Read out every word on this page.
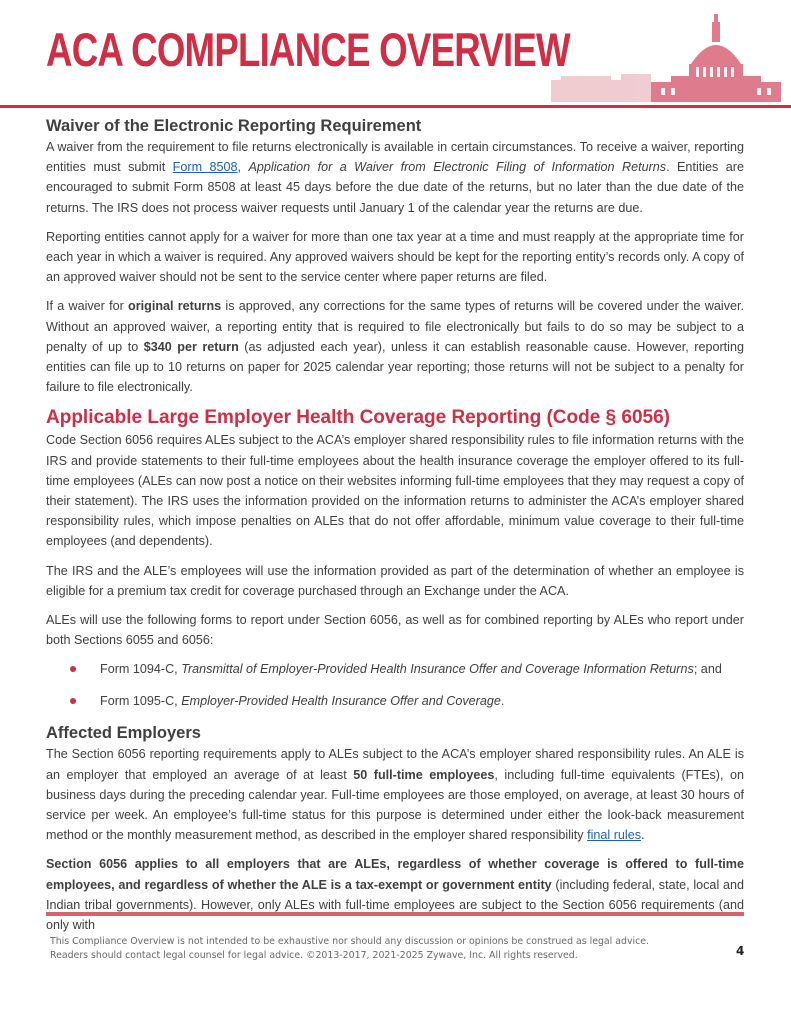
ACA COMPLIANCE OVERVIEW
Waiver of the Electronic Reporting Requirement

A waiver from the requirement to file returns electronically is available in certain circumstances. To receive a waiver, reporting entities must submit Form 8508, Application for a Waiver from Electronic Filing of Information Returns. Entities are encouraged to submit Form 8508 at least 45 days before the due date of the returns, but no later than the due date of the returns. The IRS does not process waiver requests until January 1 of the calendar year the returns are due.

Reporting entities cannot apply for a waiver for more than one tax year at a time and must reapply at the appropriate time for each year in which a waiver is required. Any approved waivers should be kept for the reporting entity’s records only. A copy of an approved waiver should not be sent to the service center where paper returns are filed.

If a waiver for original returns is approved, any corrections for the same types of returns will be covered under the waiver. Without an approved waiver, a reporting entity that is required to file electronically but fails to do so may be subject to a penalty of up to $340 per return (as adjusted each year), unless it can establish reasonable cause. However, reporting entities can file up to 10 returns on paper for 2025 calendar year reporting; those returns will not be subject to a penalty for failure to file electronically.

Applicable Large Employer Health Coverage Reporting (Code § 6056)

Code Section 6056 requires ALEs subject to the ACA’s employer shared responsibility rules to file information returns with the IRS and provide statements to their full-time employees about the health insurance coverage the employer offered to its full-time employees (ALEs can now post a notice on their websites informing full-time employees that they may request a copy of their statement). The IRS uses the information provided on the information returns to administer the ACA’s employer shared responsibility rules, which impose penalties on ALEs that do not offer affordable, minimum value coverage to their full-time employees (and dependents).

The IRS and the ALE’s employees will use the information provided as part of the determination of whether an employee is eligible for a premium tax credit for coverage purchased through an Exchange under the ACA.

ALEs will use the following forms to report under Section 6056, as well as for combined reporting by ALEs who report under both Sections 6055 and 6056:

Form 1094-C, Transmittal of Employer-Provided Health Insurance Offer and Coverage Information Returns; and
Form 1095-C, Employer-Provided Health Insurance Offer and Coverage.
Affected Employers

The Section 6056 reporting requirements apply to ALEs subject to the ACA’s employer shared responsibility rules. An ALE is an employer that employed an average of at least 50 full-time employees, including full-time equivalents (FTEs), on business days during the preceding calendar year. Full-time employees are those employed, on average, at least 30 hours of service per week. An employee’s full-time status for this purpose is determined under either the look-back measurement method or the monthly measurement method, as described in the employer shared responsibility final rules.

Section 6056 applies to all employers that are ALEs, regardless of whether coverage is offered to full-time employees, and regardless of whether the ALE is a tax-exempt or government entity (including federal, state, local and Indian tribal governments). However, only ALEs with full-time employees are subject to the Section 6056 requirements (and only with

This Compliance Overview is not intended to be exhaustive nor should any discussion or opinions be construed as legal advice. Readers should contact legal counsel for legal advice. ©2013-2017, 2021-2025 Zywave, Inc. All rights reserved.	4
